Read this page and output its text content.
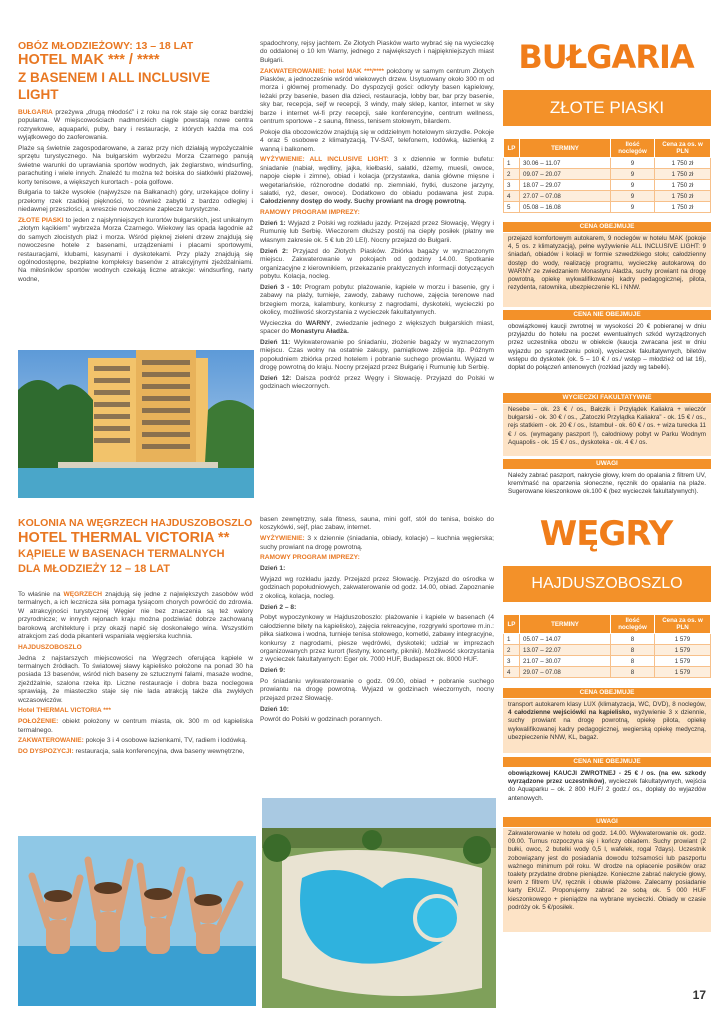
OBÓZ MŁODZIEŻOWY: 13 – 18 LAT
HOTEL MAK *** / ****
Z BASENEM I ALL INCLUSIVE LIGHT

BUŁGARIA przeżywa „drugą młodość” i z roku na rok staje się coraz bardziej popularna. W miejscowościach nadmorskich ciągle powstają nowe centra rozrywkowe, aquaparki, puby, bary i restauracje, z których każda ma coś wyjątkowego do zaoferowania.

Plaże są świetnie zagospodarowane, a zaraz przy nich działają wypożyczalnie sprzętu turystycznego. Na bułgarskim wybrzeżu Morza Czarnego panują świetne warunki do uprawiania sportów wodnych, jak żeglarstwo, windsurfing, parachuting i wiele innych. Znaleźć tu można też boiska do siatkówki plażowej, korty tenisowe, a większych kurortach - pola golfowe.

Bułgaria to także wysokie (najwyższe na Bałkanach) góry, urzekające doliny i przełomy rzek rzadkiej piękności, to również zabytki z bardzo odległej i niedawnej przeszłości, a wreszcie nowoczesne zaplecze turystyczne.

ZŁOTE PIASKI to jeden z najsłynniejszych kurortów bułgarskich, jest unikalnym „złotym kącikiem” wybrzeża Morza Czarnego. Wiekowy las opada łagodnie aż do samych złocistych plaż i morza. Wśród pięknej zieleni drzew znajdują się nowoczesne hotele z basenami, urządzeniami i placami sportowymi, restauracjami, klubami, kasynami i dyskotekami. Przy plaży znajdują się ogólnodostępne, bezpłatne kompleksy basenów z atrakcyjnymi zjeżdżalniami. Na miłośników sportów wodnych czekają liczne atrakcje: windsurfing, narty wodne,

spadochrony, rejsy jachtem. Ze Złotych Piasków warto wybrać się na wycieczkę do oddalonej o 10 km Warny, jednego z największych i najpiękniejszych miast Bułgarii.

ZAKWATEROWANIE: hotel MAK ***/**** położony w samym centrum Złotych Piasków, a jednocześnie wśród wiekowych drzew. Usytuowany około 300 m od morza i głównej promenady. Do dyspozycji gości: odkryty basen kąpielowy, leżaki przy basenie, basen dla dzieci, restauracja, lobby bar, bar przy basenie, sky bar, recepcja, sejf w recepcji, 3 windy, mały sklep, kantor, internet w sky barze i internet wi-fi przy recepcji, sale konferencyjne, centrum wellness, centrum sportowe - z sauną, fitness, tenisem stołowym, bilardem.

Pokoje dla obozowiczów znajdują się w oddzielnym hotelowym skrzydle. Pokoje 4 oraz 5 osobowe z klimatyzacją, TV-SAT, telefonem, lodówką, łazienką z wanną i balkonem.

WYŻYWIENIE: ALL INCLUSIVE LIGHT: 3 x dziennie w formie bufetu: śniadanie (nabiał, wędliny, jajka, kiełbaski, sałatki, dżemy, muesli, owoce, napoje ciepłe i zimne), obiad i kolacja (przystawka, dania główne mięsne i wegetariańskie, różnorodne dodatki np. ziemniaki, frytki, duszone jarzyny, sałatki, ryż, deser, owoce). Dodatkowo do obiadu podawana jest zupa. Całodzienny dostęp do wody. Suchy prowiant na drogę powrotną.

RAMOWY PROGRAM IMPREZY:

Dzień 1: Wyjazd z Polski wg rozkładu jazdy. Przejazd przez Słowację, Węgry i Rumunię lub Serbię. Wieczorem dłuższy postój na ciepły posiłek (płatny we własnym zakresie ok. 5 € lub 20 LEI). Nocny przejazd do Bułgarii.

Dzień 2: Przyjazd do Złotych Piasków. Zbiórka bagaży w wyznaczonym miejscu. Zakwaterowanie w pokojach od godziny 14.00. Spotkanie organizacyjne z kierownikiem, przekazanie praktycznych informacji dotyczących pobytu. Kolacja, nocleg.

Dzień 3 - 10: Program pobytu: plażowanie, kąpiele w morzu i basenie, gry i zabawy na plaży, turnieje, zawody, zabawy ruchowe, zajęcia terenowe nad brzegiem morza, kalambury, konkursy z nagrodami, dyskoteki, wycieczki po okolicy, możliwość skorzystania z wycieczek fakultatywnych.

Wycieczka do WARNY, zwiedzanie jednego z większych bułgarskich miast, spacer do Monastyru Aładża.

Dzień 11: Wykwaterowanie po śniadaniu, złożenie bagaży w wyznaczonym miejscu. Czas wolny na ostatnie zakupy, pamiątkowe zdjęcia itp. Późnym popołudniem zbiórka przed hotelem i pobranie suchego prowiantu. Wyjazd w drogę powrotną do kraju. Nocny przejazd przez Bułgarię i Rumunię lub Serbię.

Dzień 12: Dalsza podróż przez Węgry i Słowację. Przyjazd do Polski w godzinach wieczornych.

BUŁGARIA
ZŁOTE PIASKI
LP	TERMINY	Ilość noclegów	Cena za os. w PLN
1	30.06 – 11.07	9	1 750 zł
2	09.07 – 20.07	9	1 750 zł
3	18.07 – 29.07	9	1 750 zł
4	27.07 – 07.08	9	1 750 zł
5	05.08 – 16.08	9	1 750 zł
CENA OBEJMUJE
przejazd komfortowym autokarem, 9 noclegów w hotelu MAK (pokoje 4, 5 os. z klimatyzacją), pełne wyżywienie ALL INCLUSIVE LIGHT: 9 śniadań, obiadów i kolacji w formie szwedzkiego stołu; całodzienny dostęp do wody, realizację programu, wycieczkę autokarową do WARNY ze zwiedzaniem Monastyru Aładża, suchy prowiant na drogę powrotną, opiekę wykwalifikowanej kadry pedagogicznej, pilota, rezydenta, ratownika, ubezpieczenie KL i NNW.
CENA NIE OBEJMUJE
obowiązkowej kaucji zwrotnej w wysokości 20 € pobieranej w dniu przyjazdu do hotelu na poczet ewentualnych szkód wyrządzonych przez uczestnika obozu w obiekcie (kaucja zwracana jest w dniu wyjazdu po sprawdzeniu pokoi), wycieczek fakultatywnych, biletów wstępu do dyskotek (ok. 5 – 10 € / os./ wstęp – młodzież od lat 16), dopłat do połączeń antenowych (rozkład jazdy wg tabelki).
WYCIECZKI FAKULTATYWNE
Nesebe – ok. 23 € / os., Bałczik i Przylądek Kaliakra + wieczór bułgarski - ok. 30 € / os., „Zatoczki Przylądka Kaliakra” - ok. 15 € / os., rejs statkiem - ok. 20 € / os., Istambuł - ok. 60 € / os. + wiza turecka 11 € / os. (wymagany paszport !), całodniowy pobyt w Parku Wodnym Aquapolis - ok. 15 € / os., dyskoteka - ok. 4 € / os.
UWAGI
Należy zabrać paszport, nakrycie głowy, krem do opalania z filtrem UV, krem/maść na oparzenia słoneczne, ręcznik do opalania na plaże. Sugerowane kieszonkowe ok.100 € (bez wycieczek fakultatywnych).
KOLONIA NA WĘGRZECH HAJDUSZOBOSZLO
HOTEL THERMAL VICTORIA **
KĄPIELE W BASENACH TERMALNYCH
DLA MŁODZIEŻY 12 – 18 LAT

To właśnie na WĘGRZECH znajdują się jedne z największych zasobów wód termalnych, a ich lecznicza siła pomaga tysiącom chorych powrócić do zdrowia. W atrakcyjności turystycznej Węgier nie bez znaczenia są też walory przyrodnicze; w innych rejonach kraju można podziwiać dobrze zachowaną barokową architekturę i przy okazji napić się doskonałego wina. Wszystkim atrakcjom zaś doda pikanterii wspaniała węgierska kuchnia.

HAJDUSZOBOSZLO

Jedna z najstarszych miejscowości na Węgrzech oferująca kąpiele w termalnych źródłach. To światowej sławy kąpielisko położone na ponad 30 ha posiada 13 basenów, wśród nich baseny ze sztucznymi falami, masaże wodne, zjeżdżalnie, szalona rzeka itp. Liczne restauracje i dobra baza noclegowa sprawiają, że miasteczko staje się nie lada atrakcją także dla zwykłych wczasowiczów.

Hotel THERMAL VICTORIA ***

POŁOŻENIE: obiekt położony w centrum miasta, ok. 300 m od kąpieliska termalnego.

ZAKWATEROWANIE: pokoje 3 i 4 osobowe łazienkami, TV, radiem i lodówką.

DO DYSPOZYCJI: restauracja, sala konferencyjna, dwa baseny wewnętrzne,

basen zewnętrzny, sala fitness, sauna, mini golf, stół do tenisa, boisko do koszykówki, sejf, plac zabaw, internet.

WYŻYWIENIE: 3 x dziennie (śniadania, obiady, kolacje) – kuchnia węgierska; suchy prowiant na drogę powrotną.

RAMOWY PROGRAM IMPREZY:

Dzień 1:

Wyjazd wg rozkładu jazdy. Przejazd przez Słowację. Przyjazd do ośrodka w godzinach popołudniowych, zakwaterowanie od godz. 14.00, obiad. Zapoznanie z okolicą, kolacja, nocleg.

Dzień 2 – 8:

Pobyt wypoczynkowy w Hajduszoboszlo: plażowanie i kąpiele w basenach (4 całodzienne bilety na kąpielisko), zajęcia rekreacyjne, rozgrywki sportowe m.in.: piłka siatkowa i wodna, turnieje tenisa stołowego, kometki, zabawy integracyjne, konkursy z nagrodami, piesze wędrówki, dyskoteki; udział w imprezach organizowanych przez kurort (festyny, koncerty, pikniki). Możliwość skorzystania z wycieczek fakultatywnych: Eger ok. 7000 HUF, Budapeszt ok. 8000 HUF.

Dzień 9:

Po śniadaniu wykwaterowanie o godz. 09.00, obiad + pobranie suchego prowiantu na drogę powrotną. Wyjazd w godzinach wieczornych, nocny przejazd przez Słowację.

Dzień 10:

Powrót do Polski w godzinach porannych.

WĘGRY
HAJDUSZOBOSZLO
LP	TERMINY	Ilość noclegów	Cena za os. w PLN
1	05.07 – 14.07	8	1 579
2	13.07 – 22.07	8	1 579
3	21.07 – 30.07	8	1 579
4	29.07 – 07.08	8	1 579
CENA OBEJMUJE
transport autokarem klasy LUX (klimatyzacja, WC, DVD), 8 noclegów, 4 całodzienne wejściówki na kąpielisko, wyżywienie 3 x dziennie, suchy prowiant na drogę powrotną, opiekę pilota, opiekę wykwalifikowanej kadry pedagogicznej, wegierską opiekę medyczną, ubezpieczenie NNW, KL, bagaż.
CENA NIE OBEJMUJE
obowiązkowej KAUCJI ZWROTNEJ - 25 € / os. (na ew. szkody wyrządzone przez uczestników), wycieczek fakultatywnych, wejścia do Aquaparku – ok. 2 800 HUF/ 2 godz./ os., dopłaty do wyjazdów antenowych.
UWAGI
Zakwaterowanie w hotelu od godz. 14.00. Wykwaterowanie ok. godz. 09.00. Turnus rozpoczyna się i kończy obiadem. Suchy prowiant (2 bułki, owoc, 2 butelki wody 0,5 l, wafelek, rogal 7days). Uczestnik zobowiązany jest do posiadania dowodu tożsamości lub paszportu ważnego minimum pół roku. W drodze na opłacenie posiłków oraz toalety przydatne drobne pieniądze. Konieczne zabrać nakrycie głowy, krem z filtrem UV, ręcznik i obuwie plażowe. Zalecamy posiadanie karty EKUZ. Proponujemy zabrać ze sobą ok. 5 000 HUF kieszonkowego + pieniądze na wybrane wycieczki. Obiady w czasie podróży ok. 5 €/posiłek.
17
